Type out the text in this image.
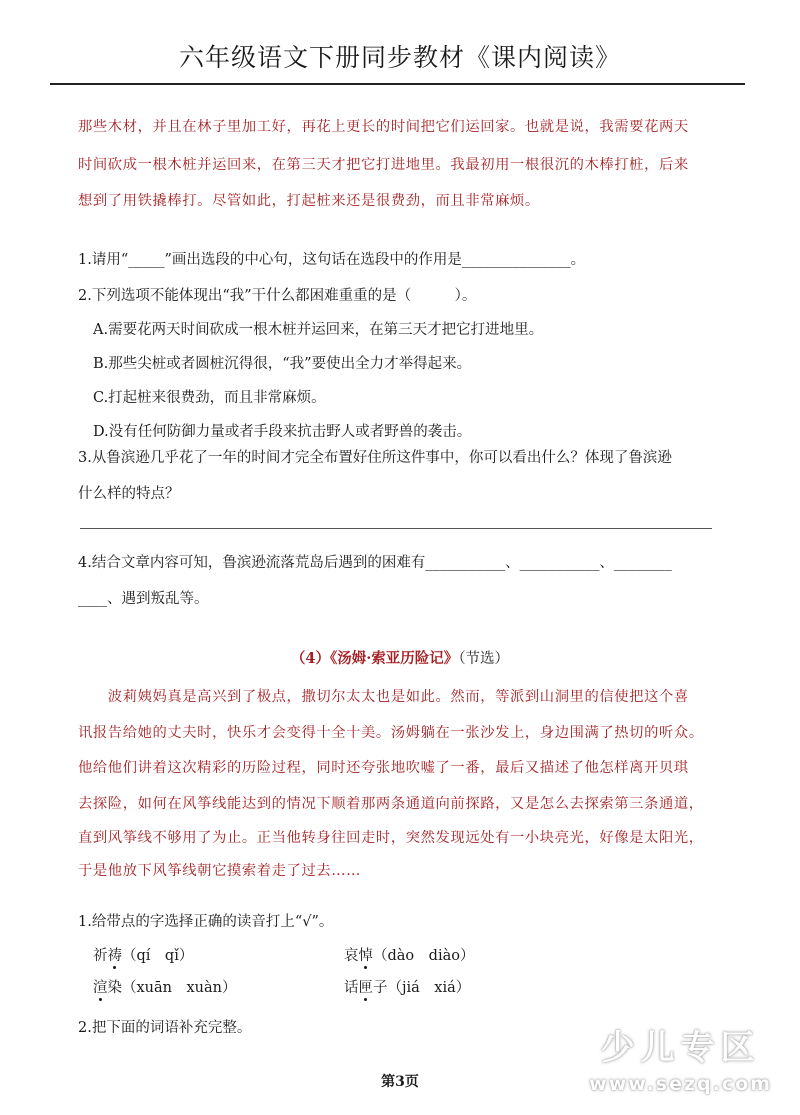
六年级语文下册同步教材《课内阅读》
那些木材，并且在林子里加工好，再花上更长的时间把它们运回家。也就是说，我需要花两天
时间砍成一根木桩并运回来，在第三天才把它打进地里。我最初用一根很沉的木棒打桩，后来
想到了用铁撬棒打。尽管如此，打起桩来还是很费劲，而且非常麻烦。
1.请用“_____”画出选段的中心句，这句话在选段中的作用是_______________。
2.下列选项不能体现出“我”干什么都困难重重的是（　　　）。
A.需要花两天时间砍成一根木桩并运回来，在第三天才把它打进地里。
B.那些尖桩或者圆桩沉得很，“我”要使出全力才举得起来。
C.打起桩来很费劲，而且非常麻烦。
D.没有任何防御力量或者手段来抗击野人或者野兽的袭击。
3.从鲁滨逊几乎花了一年的时间才完全布置好住所这件事中，你可以看出什么？体现了鲁滨逊
什么样的特点？
4.结合文章内容可知，鲁滨逊流落荒岛后遇到的困难有___________、___________、________
____、遇到叛乱等。
（4）《汤姆·索亚历险记》（节选）
　　波莉姨妈真是高兴到了极点，撒切尔太太也是如此。然而，等派到山洞里的信使把这个喜
讯报告给她的丈夫时，快乐才会变得十全十美。汤姆躺在一张沙发上，身边围满了热切的听众。
他给他们讲着这次精彩的历险过程，同时还夸张地吹嘘了一番，最后又描述了他怎样离开贝琪
去探险，如何在风筝线能达到的情况下顺着那两条通道向前探路，又是怎么去探索第三条通道，
直到风筝线不够用了为止。正当他转身往回走时，突然发现远处有一小块亮光，好像是太阳光，
于是他放下风筝线朝它摸索着走了过去……
1.给带点的字选择正确的读音打上“√”。
祈祷（qí　qǐ）	哀悼（dào　diào）
渲染（xuān　xuàn）	话匣子（jiá　xiá）
2.把下面的词语补充完整。
第3页
少儿专区
www.sezq.com
